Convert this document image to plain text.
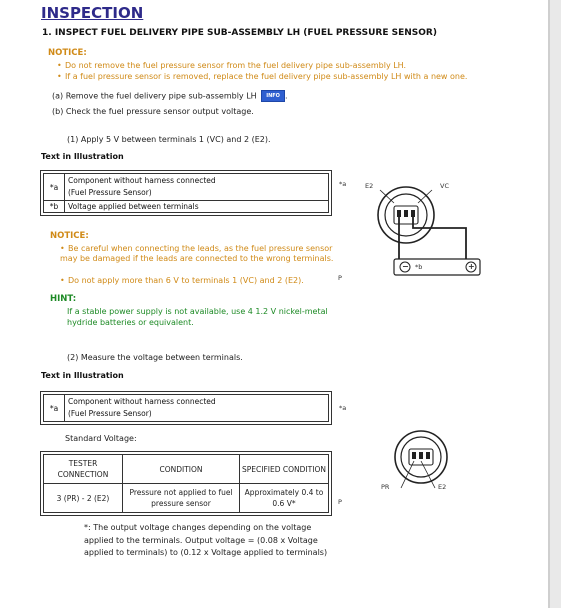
INSPECTION
1. INSPECT FUEL DELIVERY PIPE SUB-ASSEMBLY LH (FUEL PRESSURE SENSOR)
NOTICE:
• Do not remove the fuel pressure sensor from the fuel delivery pipe sub-assembly LH.
• If a fuel pressure sensor is removed, replace the fuel delivery pipe sub-assembly LH with a new one.
(a) Remove the fuel delivery pipe sub-assembly LH INFO .
(b) Check the fuel pressure sensor output voltage.
(1) Apply 5 V between terminals 1 (VC) and 2 (E2).
Text in Illustration
*a	Component without harness connected
(Fuel Pressure Sensor)

*b	Voltage applied between terminals
*a	E2	VC
−	+
*b
P
NOTICE:
• Be careful when connecting the leads, as the fuel pressure sensor may be damaged if the leads are connected to the wrong terminals.
• Do not apply more than 6 V to terminals 1 (VC) and 2 (E2).
HINT:
If a stable power supply is not available, use 4 1.2 V nickel-metal hydride batteries or equivalent.
(2) Measure the voltage between terminals.
Text in Illustration
*a	
Component without harness connected
(Fuel Pressure Sensor)
*a
Standard Voltage:
TESTER CONNECTION	CONDITION	SPECIFIED CONDITION
3 (PR) - 2 (E2)	Pressure not applied to fuel pressure sensor	Approximately 0.4 to 0.6 V*
PR	E2
P
*: The output voltage changes depending on the voltage applied to the terminals. Output voltage = (0.08 x Voltage applied to terminals) to (0.12 x Voltage applied to terminals)
